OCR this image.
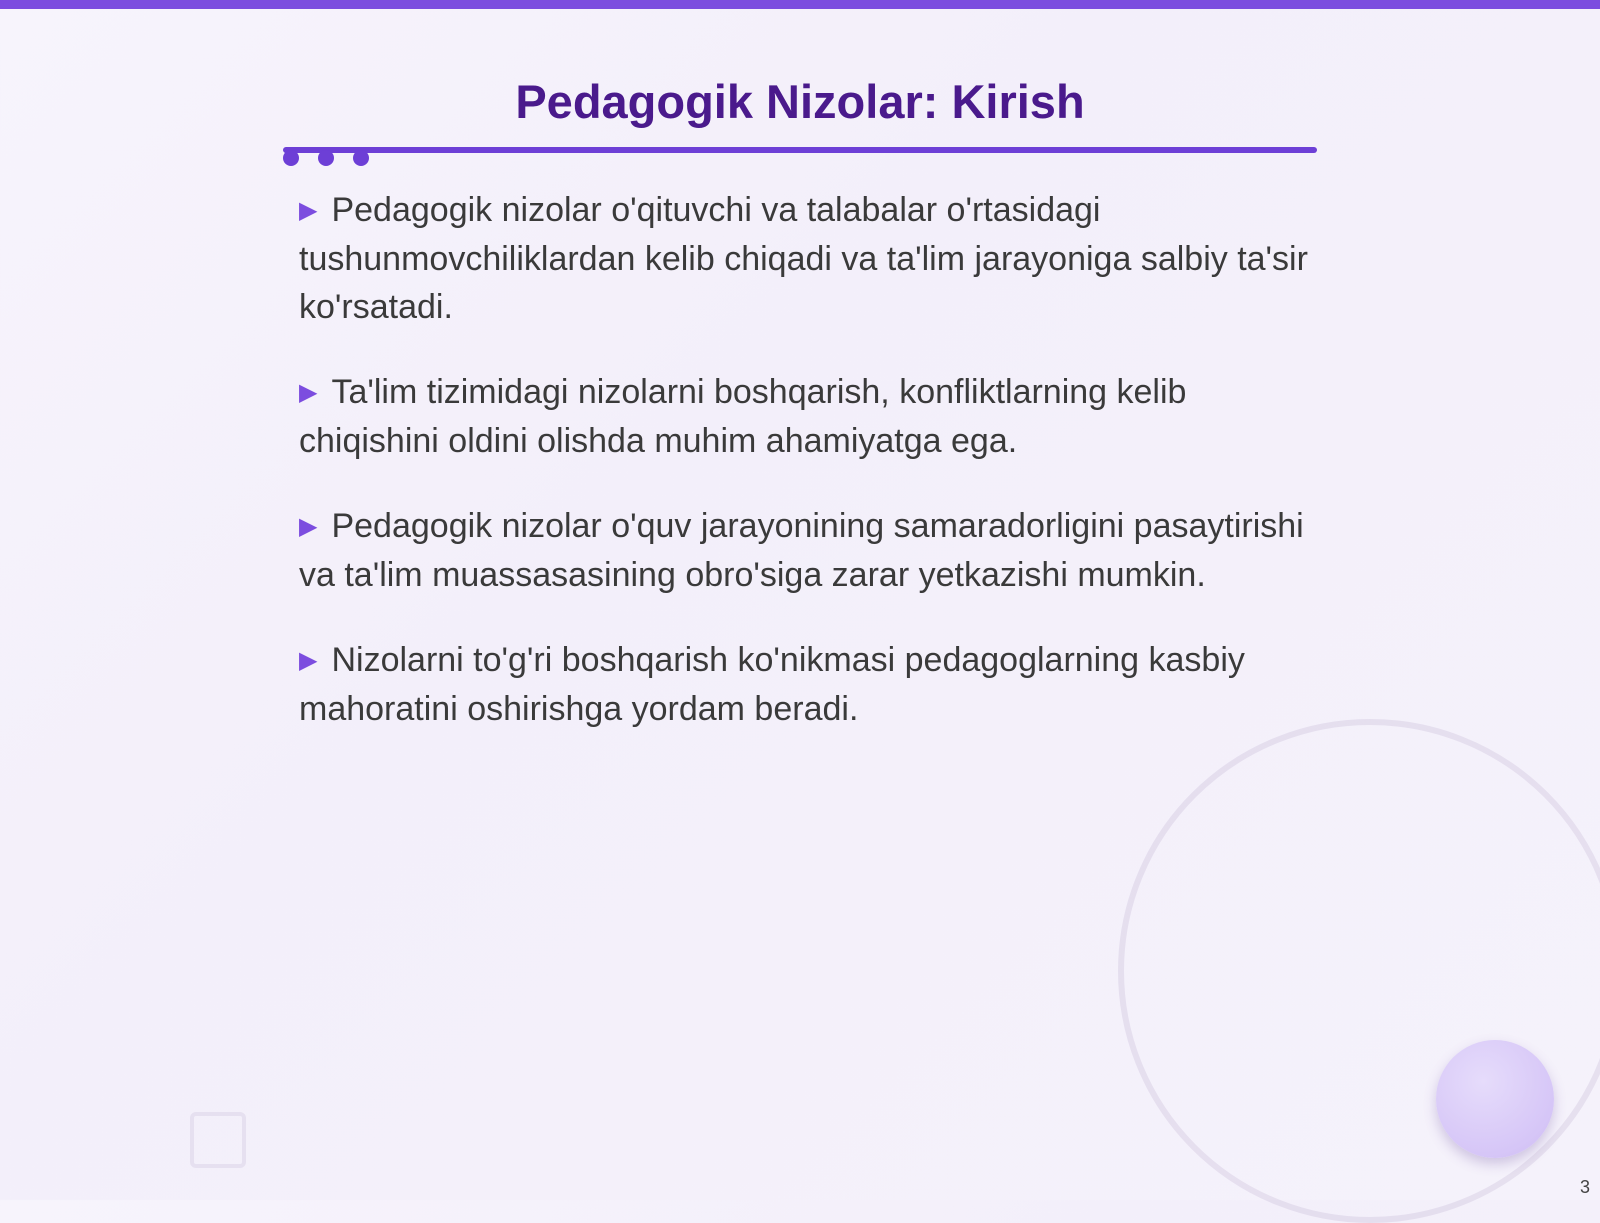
Pedagogik Nizolar: Kirish
▶ Pedagogik nizolar o'qituvchi va talabalar o'rtasidagi tushunmovchiliklardan kelib chiqadi va ta'lim jarayoniga salbiy ta'sir ko'rsatadi.
▶ Ta'lim tizimidagi nizolarni boshqarish, konfliktlarning kelib chiqishini oldini olishda muhim ahamiyatga ega.
▶ Pedagogik nizolar o'quv jarayonining samaradorligini pasaytirishi va ta'lim muassasasining obro'siga zarar yetkazishi mumkin.
▶ Nizolarni to'g'ri boshqarish ko'nikmasi pedagoglarning kasbiy mahoratini oshirishga yordam beradi.
3
